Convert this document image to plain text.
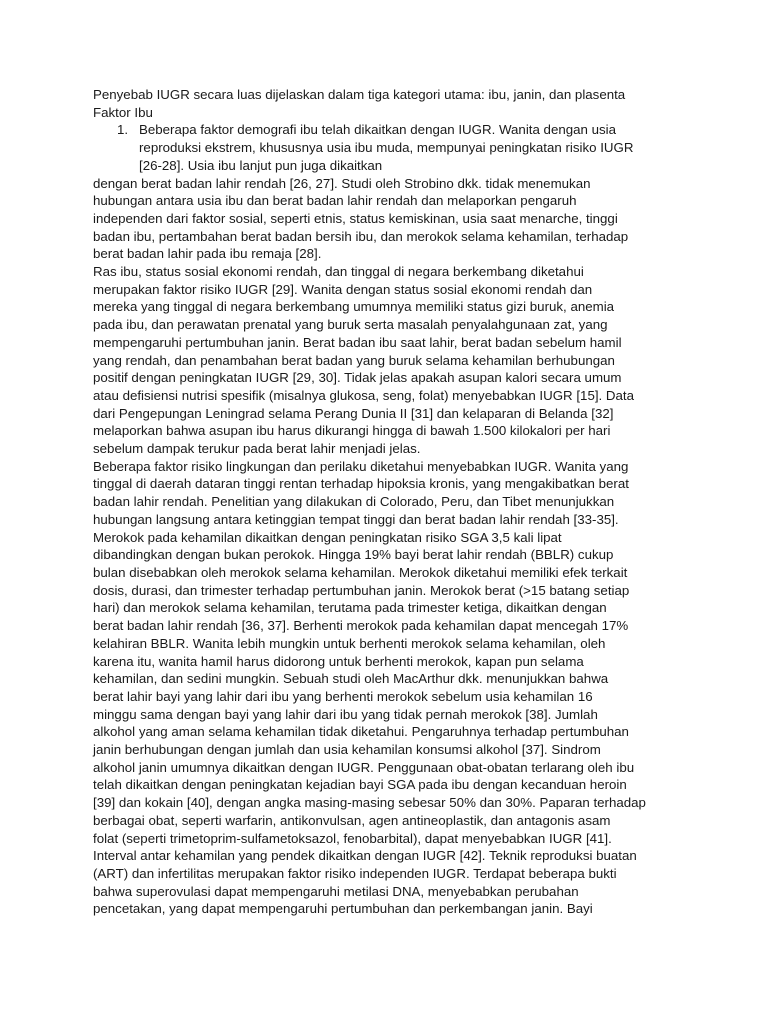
Penyebab IUGR secara luas dijelaskan dalam tiga kategori utama: ibu, janin, dan plasenta
Faktor Ibu
1. Beberapa faktor demografi ibu telah dikaitkan dengan IUGR. Wanita dengan usia
reproduksi ekstrem, khususnya usia ibu muda, mempunyai peningkatan risiko IUGR
[26-28]. Usia ibu lanjut pun juga dikaitkan
dengan berat badan lahir rendah [26, 27]. Studi oleh Strobino dkk. tidak menemukan
hubungan antara usia ibu dan berat badan lahir rendah dan melaporkan pengaruh
independen dari faktor sosial, seperti etnis, status kemiskinan, usia saat menarche, tinggi
badan ibu, pertambahan berat badan bersih ibu, dan merokok selama kehamilan, terhadap
berat badan lahir pada ibu remaja [28].
Ras ibu, status sosial ekonomi rendah, dan tinggal di negara berkembang diketahui
merupakan faktor risiko IUGR [29]. Wanita dengan status sosial ekonomi rendah dan
mereka yang tinggal di negara berkembang umumnya memiliki status gizi buruk, anemia
pada ibu, dan perawatan prenatal yang buruk serta masalah penyalahgunaan zat, yang
mempengaruhi pertumbuhan janin. Berat badan ibu saat lahir, berat badan sebelum hamil
yang rendah, dan penambahan berat badan yang buruk selama kehamilan berhubungan
positif dengan peningkatan IUGR [29, 30]. Tidak jelas apakah asupan kalori secara umum
atau defisiensi nutrisi spesifik (misalnya glukosa, seng, folat) menyebabkan IUGR [15]. Data
dari Pengepungan Leningrad selama Perang Dunia II [31] dan kelaparan di Belanda [32]
melaporkan bahwa asupan ibu harus dikurangi hingga di bawah 1.500 kilokalori per hari
sebelum dampak terukur pada berat lahir menjadi jelas.
Beberapa faktor risiko lingkungan dan perilaku diketahui menyebabkan IUGR. Wanita yang
tinggal di daerah dataran tinggi rentan terhadap hipoksia kronis, yang mengakibatkan berat
badan lahir rendah. Penelitian yang dilakukan di Colorado, Peru, dan Tibet menunjukkan
hubungan langsung antara ketinggian tempat tinggi dan berat badan lahir rendah [33-35].
Merokok pada kehamilan dikaitkan dengan peningkatan risiko SGA 3,5 kali lipat
dibandingkan dengan bukan perokok. Hingga 19% bayi berat lahir rendah (BBLR) cukup
bulan disebabkan oleh merokok selama kehamilan. Merokok diketahui memiliki efek terkait
dosis, durasi, dan trimester terhadap pertumbuhan janin. Merokok berat (>15 batang setiap
hari) dan merokok selama kehamilan, terutama pada trimester ketiga, dikaitkan dengan
berat badan lahir rendah [36, 37]. Berhenti merokok pada kehamilan dapat mencegah 17%
kelahiran BBLR. Wanita lebih mungkin untuk berhenti merokok selama kehamilan, oleh
karena itu, wanita hamil harus didorong untuk berhenti merokok, kapan pun selama
kehamilan, dan sedini mungkin. Sebuah studi oleh MacArthur dkk. menunjukkan bahwa
berat lahir bayi yang lahir dari ibu yang berhenti merokok sebelum usia kehamilan 16
minggu sama dengan bayi yang lahir dari ibu yang tidak pernah merokok [38]. Jumlah
alkohol yang aman selama kehamilan tidak diketahui. Pengaruhnya terhadap pertumbuhan
janin berhubungan dengan jumlah dan usia kehamilan konsumsi alkohol [37]. Sindrom
alkohol janin umumnya dikaitkan dengan IUGR. Penggunaan obat-obatan terlarang oleh ibu
telah dikaitkan dengan peningkatan kejadian bayi SGA pada ibu dengan kecanduan heroin
[39] dan kokain [40], dengan angka masing-masing sebesar 50% dan 30%. Paparan terhadap
berbagai obat, seperti warfarin, antikonvulsan, agen antineoplastik, dan antagonis asam
folat (seperti trimetoprim-sulfametoksazol, fenobarbital), dapat menyebabkan IUGR [41].
Interval antar kehamilan yang pendek dikaitkan dengan IUGR [42]. Teknik reproduksi buatan
(ART) dan infertilitas merupakan faktor risiko independen IUGR. Terdapat beberapa bukti
bahwa superovulasi dapat mempengaruhi metilasi DNA, menyebabkan perubahan
pencetakan, yang dapat mempengaruhi pertumbuhan dan perkembangan janin. Bayi
